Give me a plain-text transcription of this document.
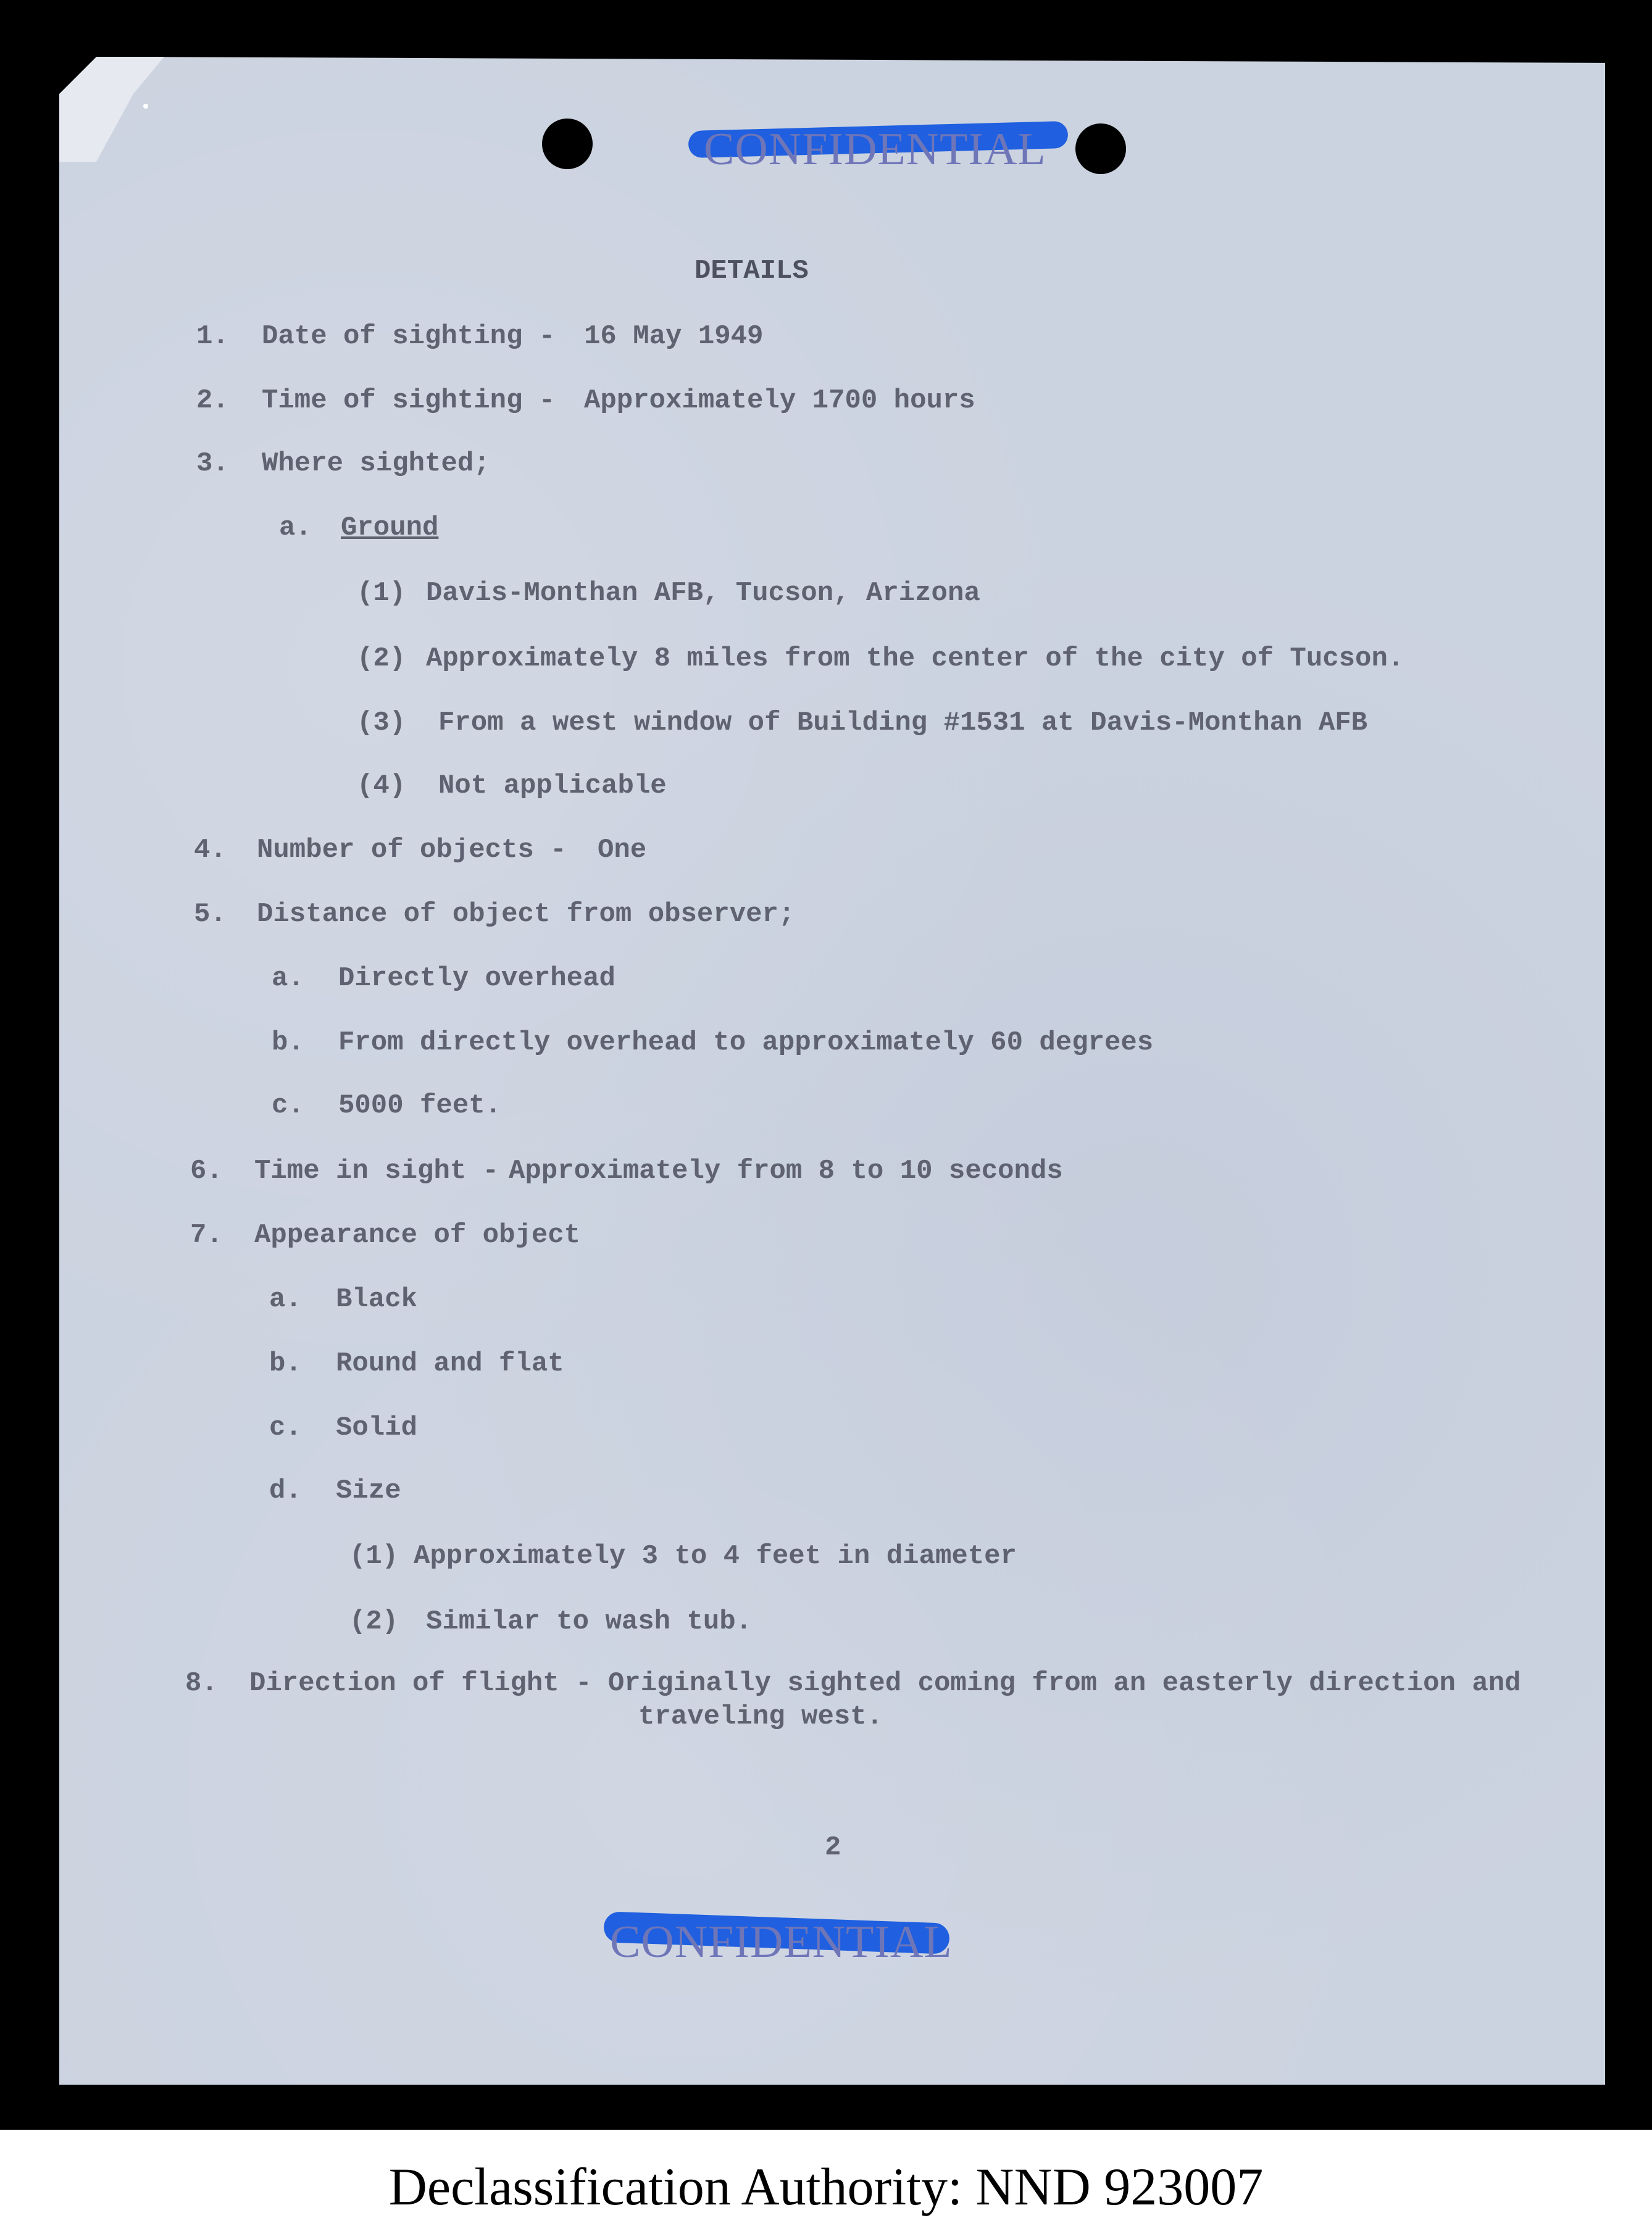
CONFIDENTIAL
DETAILS
1. Date of sighting - 16 May 1949
2. Time of sighting - Approximately 1700 hours
3. Where sighted;
a. Ground
(1) Davis-Monthan AFB, Tucson, Arizona
(2) Approximately 8 miles from the center of the city of Tucson.
(3) From a west window of Building #1531 at Davis-Monthan AFB
(4) Not applicable
4. Number of objects - One
5. Distance of object from observer;
a. Directly overhead
b. From directly overhead to approximately 60 degrees
c. 5000 feet.
6. Time in sight - Approximately from 8 to 10 seconds
7. Appearance of object
a. Black
b. Round and flat
c. Solid
d. Size
(1) Approximately 3 to 4 feet in diameter
(2) Similar to wash tub.
8. Direction of flight - Originally sighted coming from an easterly direction and
traveling west.
2
CONFIDENTIAL
Declassification Authority: NND 923007
